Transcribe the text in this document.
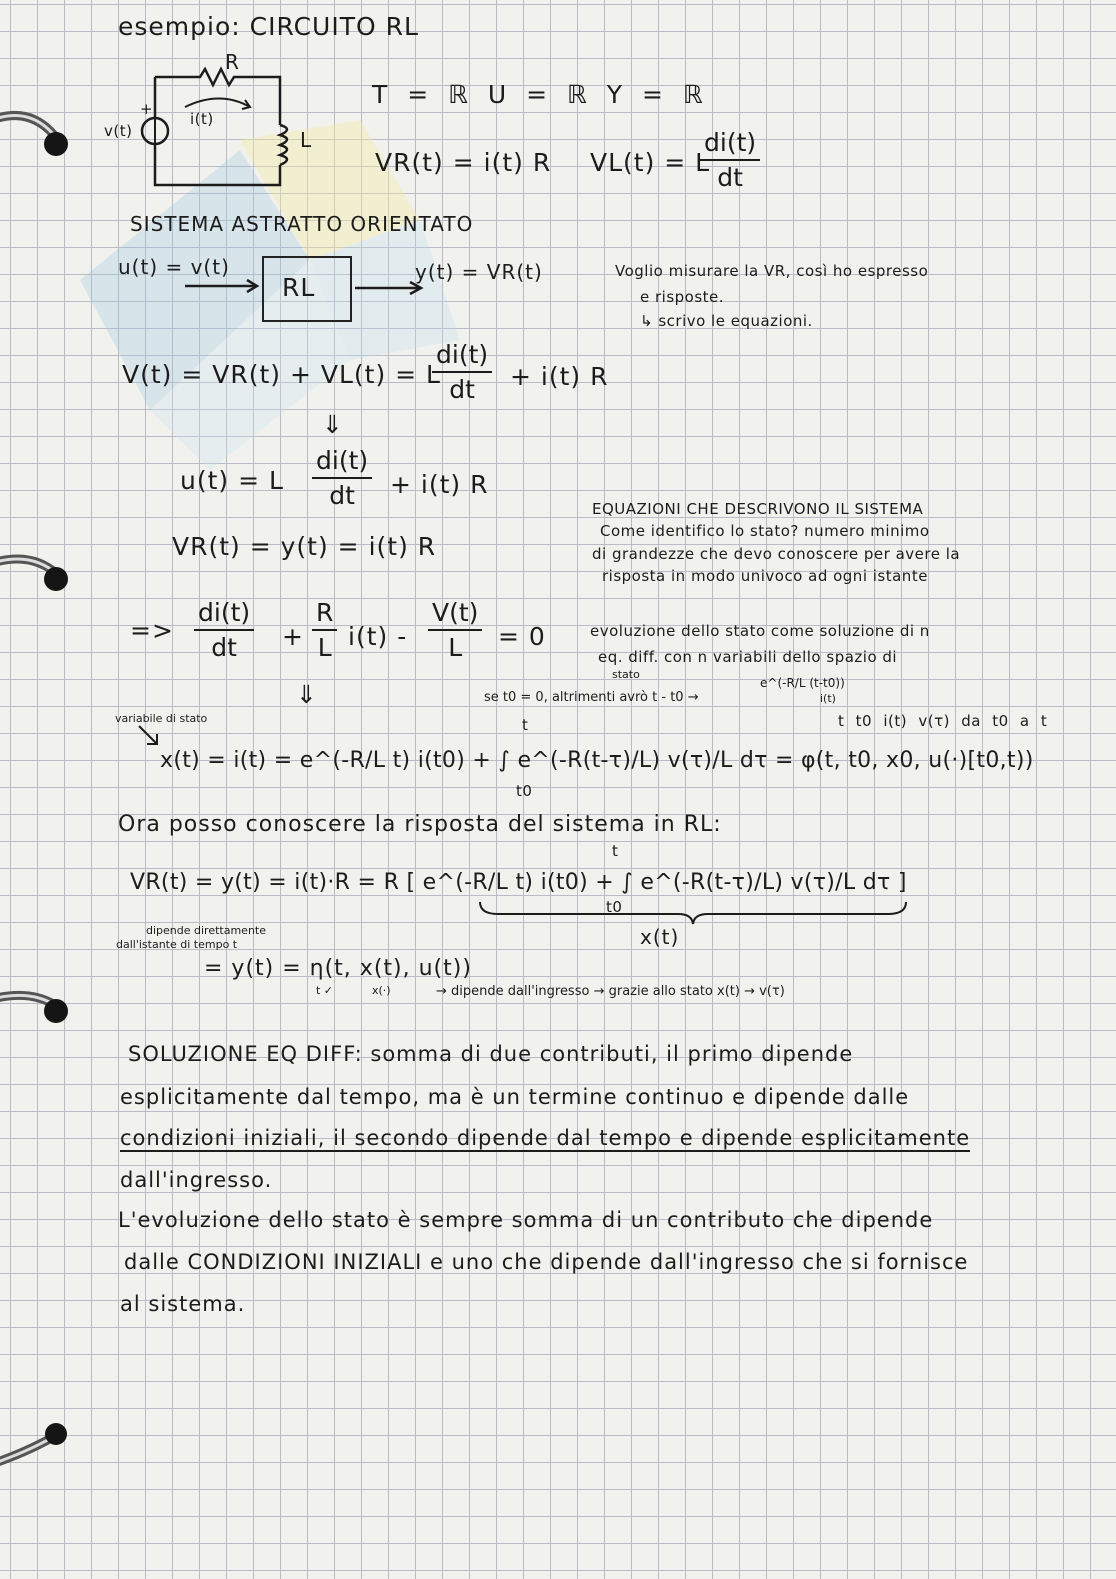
esempio: CIRCUITO RL
R
L
v(t)
+
i(t)
T = ℝ U = ℝ Y = ℝ
VR(t) = i(t) R VL(t) = L
$\frac{di(t)}{dt}$
SISTEMA ASTRATTO ORIENTATO
u(t) = v(t)
RL
y(t) = VR(t)	Voglio misurare la VR, così ho espresso
e risposte.
↳ scrivo le equazioni.
V(t) = VR(t) + VL(t) = L
$\frac{di(t)}{dt} + i(t)$ R
⇓
u(t) = L $\frac{di(t)}{dt} + i(t)$ R
VR(t) = y(t) = i(t) R
EQUAZIONI CHE DESCRIVONO IL SISTEMA
Come identifico lo stato? numero minimo
di grandezze che devo conoscere per avere la
risposta in modo univoco ad ogni istante
=> $\frac{di(t)}{dt} + \frac{R}{L} i(t) - \frac{V(t)}{L} = 0$	evoluzione dello stato come soluzione di n
eq. diff. con n variabili dello spazio di
stato
⇓	se t0 = 0, altrimenti avrò t - t0 →
e^(-R/L (t-t0))
i(t)
variabile di stato	t t0 i(t) v(τ) da t0 a t
x(t) = i(t) = e^(-R/L t) i(t0) + ∫ e^(-R(t-τ)/L) v(τ)/L dτ = φ(t, t0, x0, u(·)[t0,t))
t
t0
Ora posso conoscere la risposta del sistema in RL:
VR(t) = y(t) = i(t)·R = R [ e^(-R/L t) i(t0) + ∫ e^(-R(t-τ)/L) v(τ)/L dτ ]
t
t0
x(t)
dipende direttamente
dall'istante di tempo t
= y(t) = η(t, x(t), u(t))
t ✓	x(·)	→ dipende dall'ingresso → grazie allo stato x(t) → v(τ)
SOLUZIONE EQ DIFF: somma di due contributi, il primo dipende
esplicitamente dal tempo, ma è un termine continuo e dipende dalle
condizioni iniziali, il secondo dipende dal tempo e dipende esplicitamente
dall'ingresso.
L'evoluzione dello stato è sempre somma di un contributo che dipende
dalle CONDIZIONI INIZIALI e uno che dipende dall'ingresso che si fornisce
al sistema.
